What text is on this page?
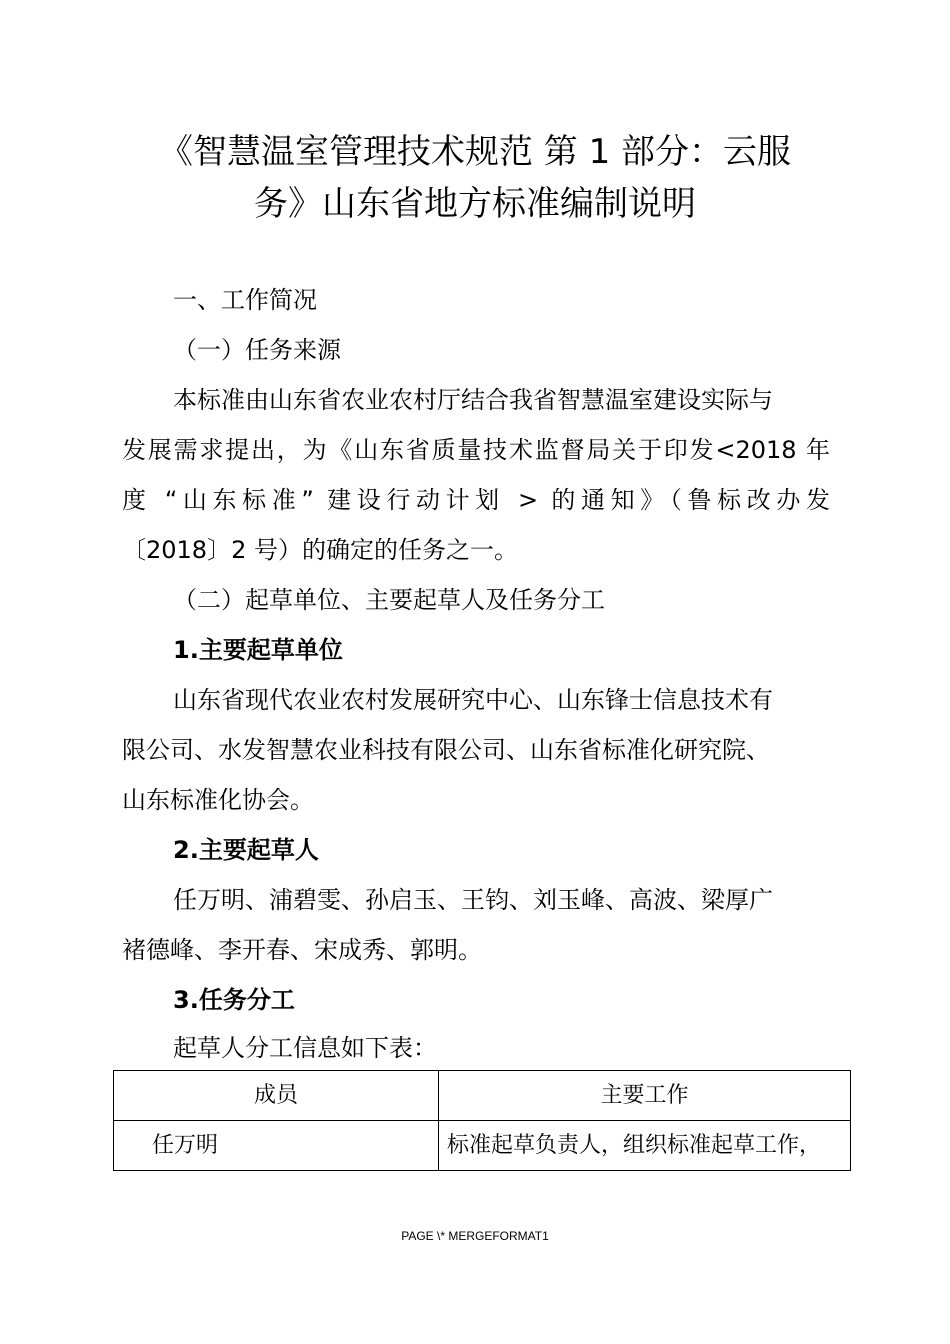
《智慧温室管理技术规范 第 1 部分：云服
务》山东省地方标准编制说明
一、工作简况
（一）任务来源
本标准由山东省农业农村厅结合我省智慧温室建设实际与
发展需求提出，为《山东省质量技术监督局关于印发<2018 年
度 “山东标准” 建设行动计划 > 的通知》（鲁标改办发
〔2018〕2 号）的确定的任务之一。
（二）起草单位、主要起草人及任务分工
1.主要起草单位
山东省现代农业农村发展研究中心、山东锋士信息技术有
限公司、水发智慧农业科技有限公司、山东省标准化研究院、
山东标准化协会。
2.主要起草人
任万明、浦碧雯、孙启玉、王钧、刘玉峰、高波、梁厚广
褚德峰、李开春、宋成秀、郭明。
3.任务分工
起草人分工信息如下表：
成员	主要工作
任万明	标准起草负责人，组织标准起草工作，
PAGE \* MERGEFORMAT1
